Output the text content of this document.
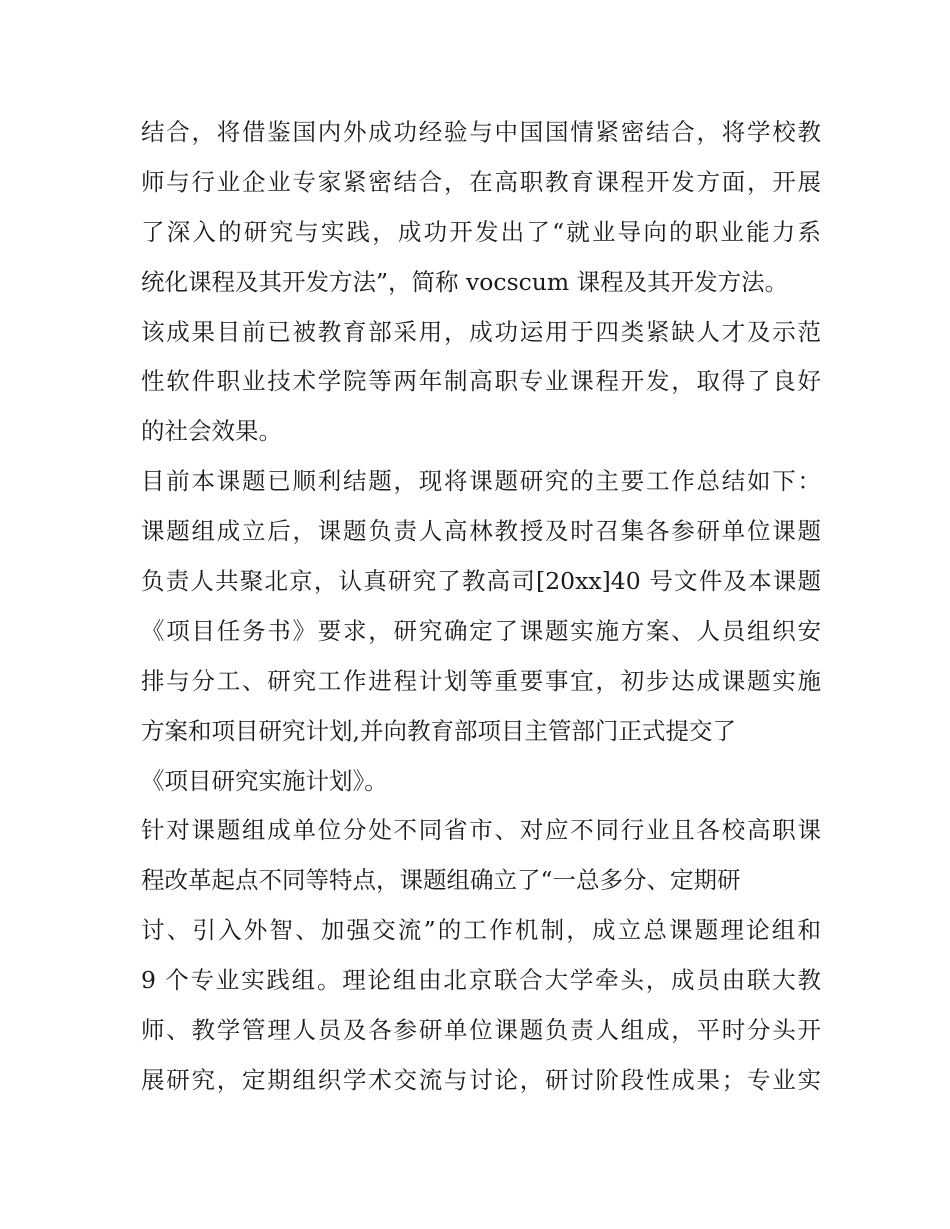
结合，将借鉴国内外成功经验与中国国情紧密结合，将学校教
师与行业企业专家紧密结合，在高职教育课程开发方面，开展
了深入的研究与实践，成功开发出了“就业导向的职业能力系
统化课程及其开发方法”，简称 vocscum 课程及其开发方法。
该成果目前已被教育部采用，成功运用于四类紧缺人才及示范
性软件职业技术学院等两年制高职专业课程开发，取得了良好
的社会效果。
目前本课题已顺利结题，现将课题研究的主要工作总结如下：
课题组成立后，课题负责人高林教授及时召集各参研单位课题
负责人共聚北京，认真研究了教高司[20xx]40 号文件及本课题
《项目任务书》要求，研究确定了课题实施方案、人员组织安
排与分工、研究工作进程计划等重要事宜，初步达成课题实施
方案和项目研究计划,并向教育部项目主管部门正式提交了
《项目研究实施计划》。
针对课题组成单位分处不同省市、对应不同行业且各校高职课
程改革起点不同等特点，课题组确立了“一总多分、定期研
讨、引入外智、加强交流”的工作机制，成立总课题理论组和
9 个专业实践组。理论组由北京联合大学牵头，成员由联大教
师、教学管理人员及各参研单位课题负责人组成，平时分头开
展研究，定期组织学术交流与讨论，研讨阶段性成果；专业实
